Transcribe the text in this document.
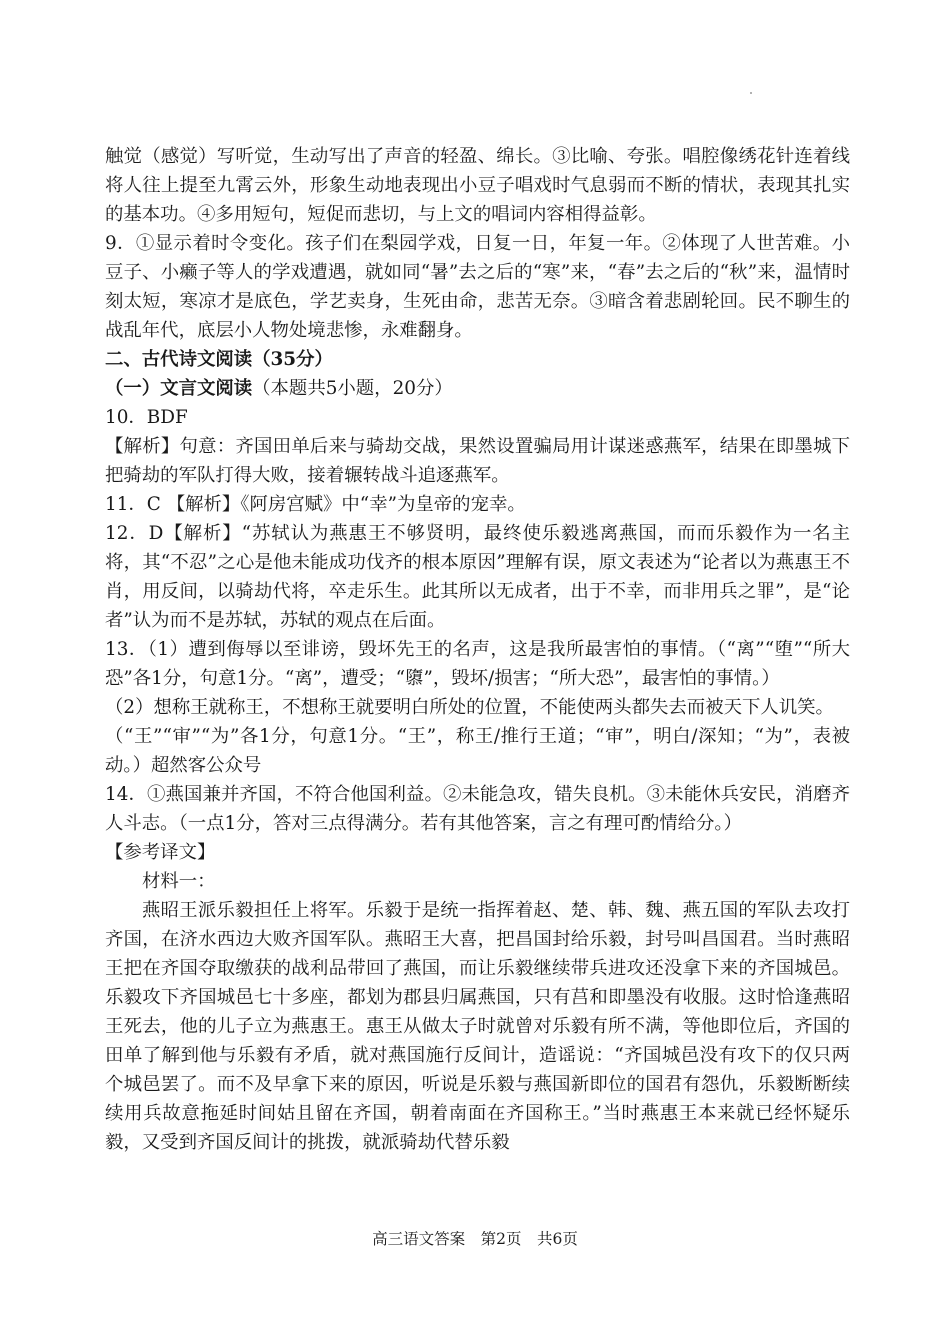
触觉（感觉）写听觉，生动写出了声音的轻盈、绵长。③比喻、夸张。唱腔像绣花针连着线将人往上提至九霄云外，形象生动地表现出小豆子唱戏时气息弱而不断的情状，表现其扎实的基本功。④多用短句，短促而悲切，与上文的唱词内容相得益彰。

9．①显示着时令变化。孩子们在梨园学戏，日复一日，年复一年。②体现了人世苦难。小豆子、小癞子等人的学戏遭遇，就如同“暑”去之后的“寒”来，“春”去之后的“秋”来，温情时刻太短，寒凉才是底色，学艺卖身，生死由命，悲苦无奈。③暗含着悲剧轮回。民不聊生的战乱年代，底层小人物处境悲惨，永难翻身。

二、古代诗文阅读（35分）

（一）文言文阅读（本题共5小题，20分）

10．BDF

【解析】句意：齐国田单后来与骑劫交战，果然设置骗局用计谋迷惑燕军，结果在即墨城下把骑劫的军队打得大败，接着辗转战斗追逐燕军。

11．C 【解析】《阿房宫赋》中“幸”为皇帝的宠幸。

12．D【解析】“苏轼认为燕惠王不够贤明，最终使乐毅逃离燕国，而而乐毅作为一名主将，其“不忍”之心是他未能成功伐齐的根本原因”理解有误，原文表述为“论者以为燕惠王不肖，用反间，以骑劫代将，卒走乐生。此其所以无成者，出于不幸，而非用兵之罪”，是“论者”认为而不是苏轼，苏轼的观点在后面。

13．（1）遭到侮辱以至诽谤，毁坏先王的名声，这是我所最害怕的事情。（“离”“堕”“所大恐”各1分，句意1分。“离”，遭受；“隳”，毁坏/损害；“所大恐”，最害怕的事情。）

（2）想称王就称王，不想称王就要明白所处的位置，不能使两头都失去而被天下人讥笑。

（“王”“审”“为”各1分，句意1分。“王”，称王/推行王道；“审”，明白/深知；“为”，表被动。）超然客公众号

14．①燕国兼并齐国，不符合他国利益。②未能急攻，错失良机。③未能休兵安民，消磨齐人斗志。（一点1分，答对三点得满分。若有其他答案，言之有理可酌情给分。）

【参考译文】

材料一：

燕昭王派乐毅担任上将军。乐毅于是统一指挥着赵、楚、韩、魏、燕五国的军队去攻打齐国，在济水西边大败齐国军队。燕昭王大喜，把昌国封给乐毅，封号叫昌国君。当时燕昭王把在齐国夺取缴获的战利品带回了燕国，而让乐毅继续带兵进攻还没拿下来的齐国城邑。乐毅攻下齐国城邑七十多座，都划为郡县归属燕国，只有莒和即墨没有收服。这时恰逢燕昭王死去，他的儿子立为燕惠王。惠王从做太子时就曾对乐毅有所不满，等他即位后，齐国的田单了解到他与乐毅有矛盾，就对燕国施行反间计，造谣说：“齐国城邑没有攻下的仅只两个城邑罢了。而不及早拿下来的原因，听说是乐毅与燕国新即位的国君有怨仇，乐毅断断续续用兵故意拖延时间姑且留在齐国，朝着南面在齐国称王。”当时燕惠王本来就已经怀疑乐毅，又受到齐国反间计的挑拨，就派骑劫代替乐毅

高三语文答案　第2页　共6页
